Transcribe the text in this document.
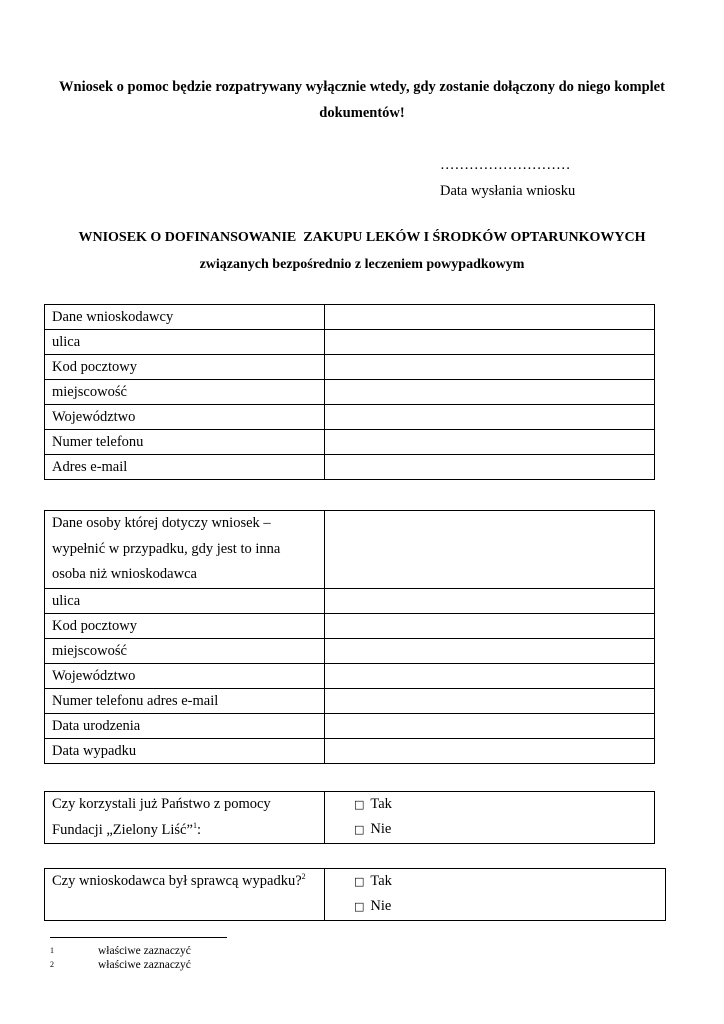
Wniosek o pomoc będzie rozpatrywany wyłącznie wtedy, gdy zostanie dołączony do niego komplet
dokumentów!
………………………
Data wysłania wniosku
WNIOSEK O DOFINANSOWANIE  ZAKUPU LEKÓW I ŚRODKÓW OPTARUNKOWYCH
związanych bezpośrednio z leczeniem powypadkowym
Dane wnioskodawcy	
ulica	
Kod pocztowy	
miejscowość	
Województwo	
Numer telefonu	
Adres e-mail	
Dane osoby której dotyczy wniosek –
wypełnić w przypadku, gdy jest to inna
osoba niż wnioskodawca	

ulica	
Kod pocztowy	
miejscowość	
Województwo	
Numer telefonu adres e-mail	
Data urodzenia	
Data wypadku	
Czy korzystali już Państwo z pomocy
Fundacji „Zielony Liść”$^1$:

□ Tak
□ Nie
Czy wnioskodawca był sprawcą wypadku?$^2$	□ Tak
□ Nie
1	właściwe zaznaczyć
2	właściwe zaznaczyć
